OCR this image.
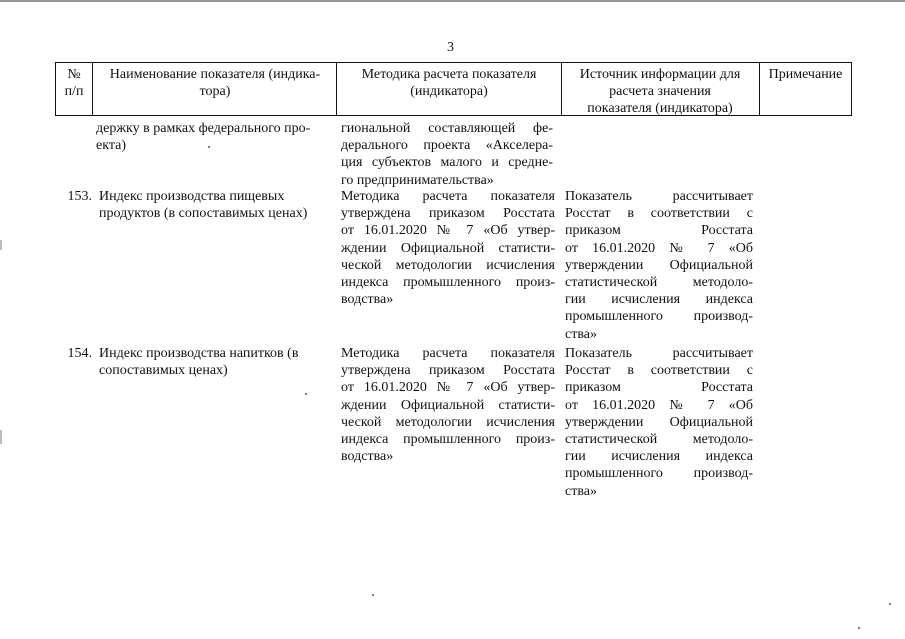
3
№
п/п
Наименование показателя (индика-
тора)
Методика расчета показателя
(индикатора)
Источник информации для
расчета значения
показателя (индикатора)
Примечание
держку в рамках федерального про-
екта)
гиональной составляющей фе-
дерального проекта «Акселера-
ция субъектов малого и средне-
го предпринимательства»
153. Индекс производства пищевых
продуктов (в сопоставимых ценах)
Методика расчета показателя
утверждена приказом Росстата
от 16.01.2020 № 7 «Об утвер-
ждении Официальной статисти-
ческой методологии исчисления
индекса промышленного произ-
водства»
Показатель рассчитывает
Росстат в соответствии с
приказом Росстата
от 16.01.2020 № 7 «Об
утверждении Официальной
статистической методоло-
гии исчисления индекса
промышленного производ-
ства»
154. Индекс производства напитков (в
сопоставимых ценах)
Методика расчета показателя
утверждена приказом Росстата
от 16.01.2020 № 7 «Об утвер-
ждении Официальной статисти-
ческой методологии исчисления
индекса промышленного произ-
водства»
Показатель рассчитывает
Росстат в соответствии с
приказом Росстата
от 16.01.2020 № 7 «Об
утверждении Официальной
статистической методоло-
гии исчисления индекса
промышленного производ-
ства»
